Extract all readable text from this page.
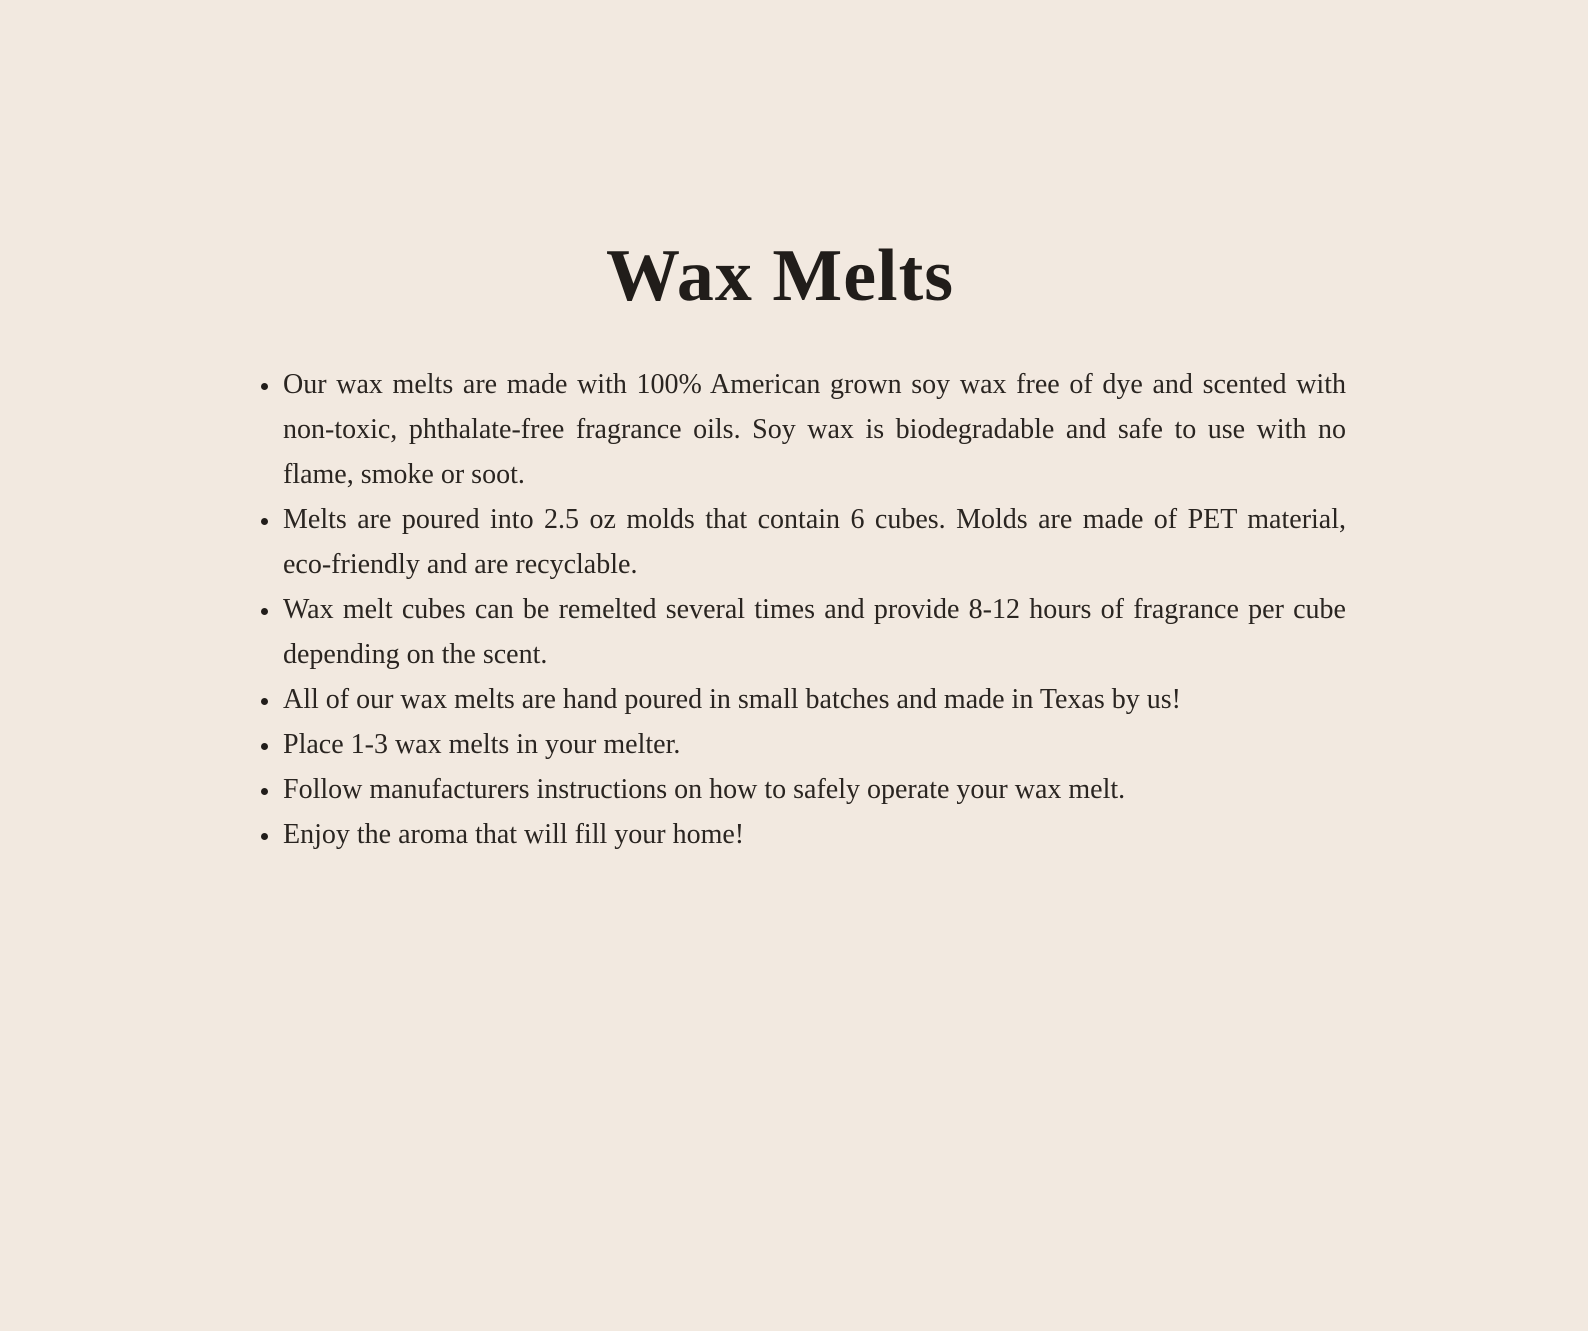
Wax Melts
• Our wax melts are made with 100% American grown soy wax free of dye and scented with non-toxic, phthalate-free fragrance oils. Soy wax is biodegradable and safe to use with no flame, smoke or soot.
• Melts are poured into 2.5 oz molds that contain 6 cubes. Molds are made of PET material, eco-friendly and are recyclable.
• Wax melt cubes can be remelted several times and provide 8-12 hours of fragrance per cube depending on the scent.
• All of our wax melts are hand poured in small batches and made in Texas by us!
• Place 1-3 wax melts in your melter.
• Follow manufacturers instructions on how to safely operate your wax melt.
• Enjoy the aroma that will fill your home!
